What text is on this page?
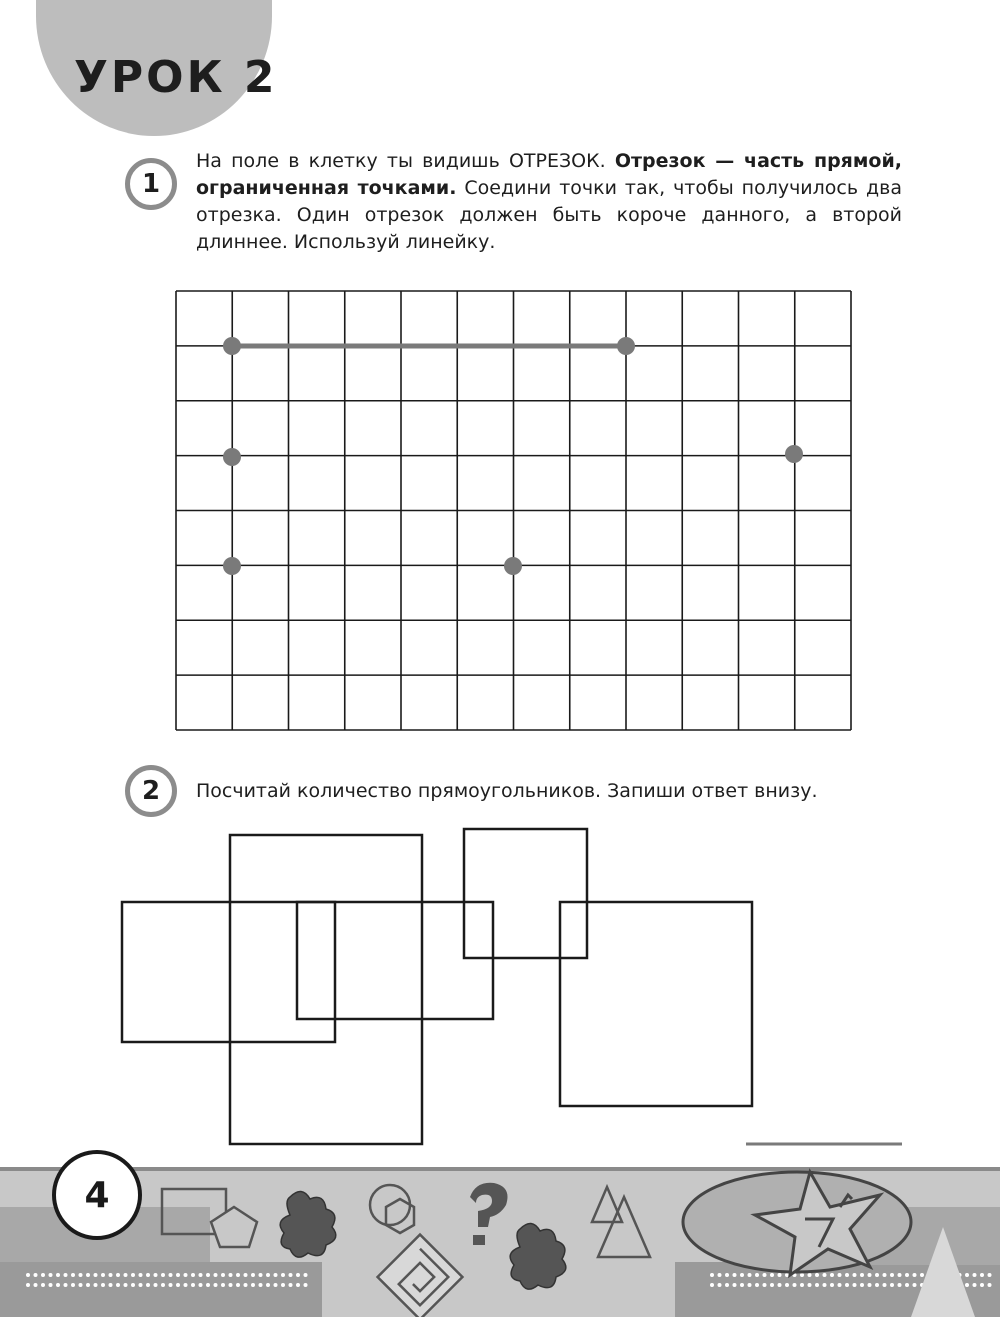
УРОК 2
1
На поле в клетку ты видишь ОТРЕЗОК. Отрезок — часть прямой, ограниченная точками. Соедини точки так, чтобы получилось два отрезка. Один отрезок должен быть короче данного, а второй длиннее. Используй линейку.
2	Посчитай количество прямоугольников. Запиши ответ внизу.
4
